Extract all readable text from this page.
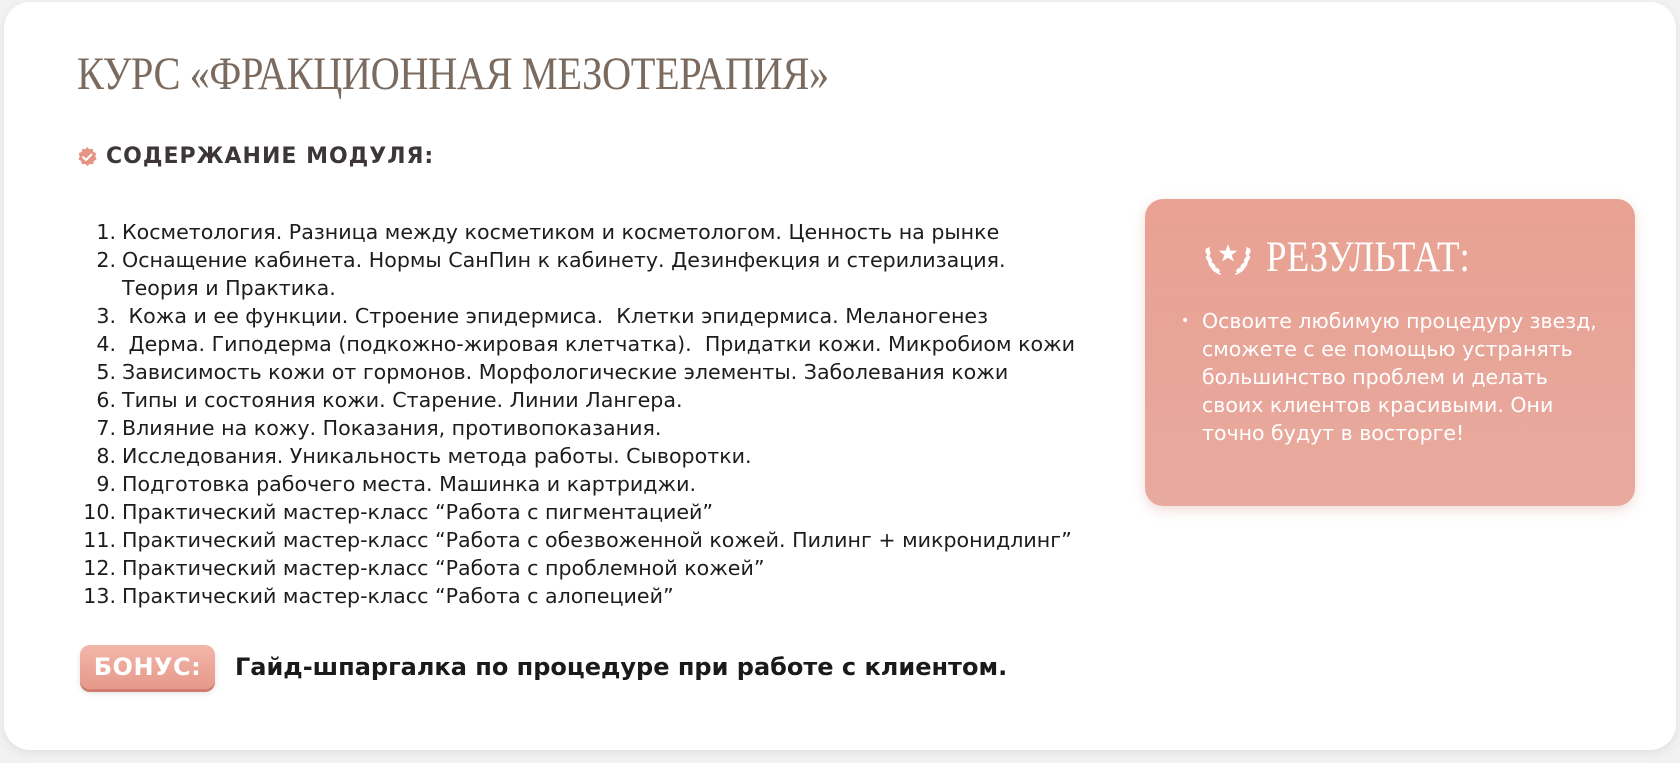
КУРС «ФРАКЦИОННАЯ МЕЗОТЕРАПИЯ»
СОДЕРЖАНИЕ МОДУЛЯ:
1. Косметология. Разница между косметиком и косметологом. Ценность на рынке
2. Оснащение кабинета. Нормы СанПин к кабинету. Дезинфекция и стерилизация.
Теория и Практика.
3. Кожа и ее функции. Строение эпидермиса.  Клетки эпидермиса. Меланогенез
4. Дерма. Гиподерма (подкожно-жировая клетчатка).  Придатки кожи. Микробиом кожи
5. Зависимость кожи от гормонов. Морфологические элементы. Заболевания кожи
6. Типы и состояния кожи. Старение. Линии Лангера.
7. Влияние на кожу. Показания, противопоказания.
8. Исследования. Уникальность метода работы. Сыворотки.
9. Подготовка рабочего места. Машинка и картриджи.
10. Практический мастер-класс “Работа с пигментацией”
11. Практический мастер-класс “Работа с обезвоженной кожей. Пилинг + микронидлинг”
12. Практический мастер-класс “Работа с проблемной кожей”
13. Практический мастер-класс “Работа с алопецией”
БОНУС:	Гайд-шпаргалка по процедуре при работе с клиентом.
РЕЗУЛЬТАТ:
• Освоите любимую процедуру звезд,
сможете с ее помощью устранять
большинство проблем и делать
своих клиентов красивыми. Они
точно будут в восторге!
